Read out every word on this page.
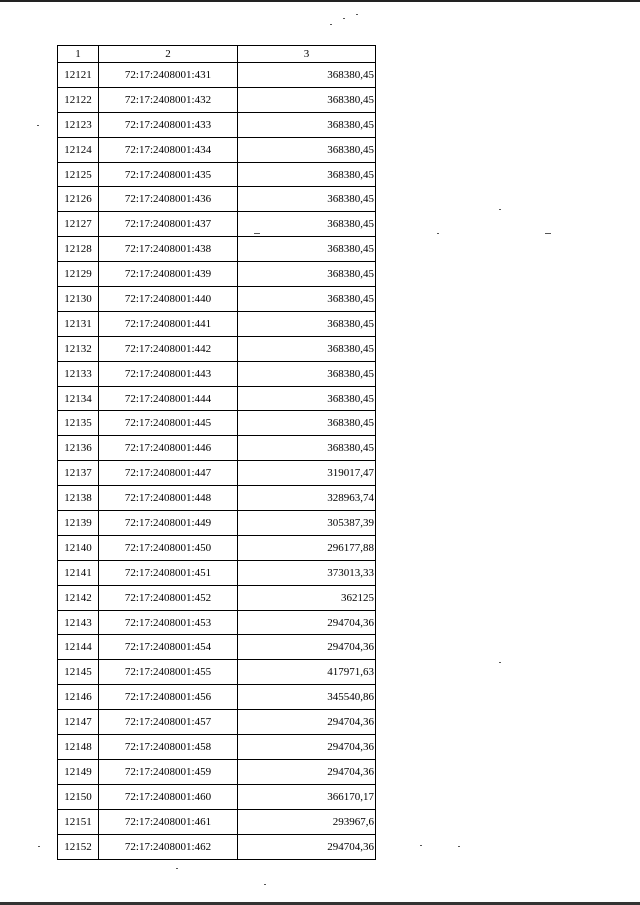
1	2	3
12121	72:17:2408001:431	368380,45
12122	72:17:2408001:432	368380,45
12123	72:17:2408001:433	368380,45
12124	72:17:2408001:434	368380,45
12125	72:17:2408001:435	368380,45
12126	72:17:2408001:436	368380,45
12127	72:17:2408001:437	368380,45
12128	72:17:2408001:438	368380,45
12129	72:17:2408001:439	368380,45
12130	72:17:2408001:440	368380,45
12131	72:17:2408001:441	368380,45
12132	72:17:2408001:442	368380,45
12133	72:17:2408001:443	368380,45
12134	72:17:2408001:444	368380,45
12135	72:17:2408001:445	368380,45
12136	72:17:2408001:446	368380,45
12137	72:17:2408001:447	319017,47
12138	72:17:2408001:448	328963,74
12139	72:17:2408001:449	305387,39
12140	72:17:2408001:450	296177,88
12141	72:17:2408001:451	373013,33
12142	72:17:2408001:452	362125
12143	72:17:2408001:453	294704,36
12144	72:17:2408001:454	294704,36
12145	72:17:2408001:455	417971,63
12146	72:17:2408001:456	345540,86
12147	72:17:2408001:457	294704,36
12148	72:17:2408001:458	294704,36
12149	72:17:2408001:459	294704,36
12150	72:17:2408001:460	366170,17
12151	72:17:2408001:461	293967,6
12152	72:17:2408001:462	294704,36
